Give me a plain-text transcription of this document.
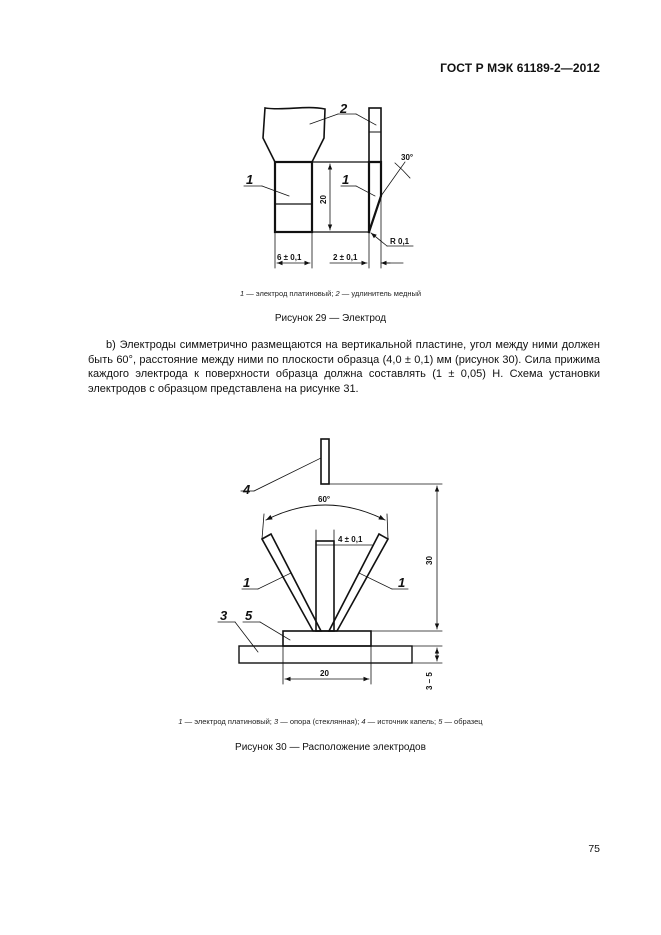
ГОСТ Р МЭК 61189-2—2012
2
1	1
20
6 ± 0,1	2 ± 0,1
R 0,1
30°
4
60°
4 ± 0,1
1	1
3 5
20
30
3 – 5
1 — электрод платиновый; 2 — удлинитель медный
Рисунок 29 — Электрод
b) Электроды симметрично размещаются на вертикальной пластине, угол между ними должен быть 60°, расстояние между ними по плоскости образца (4,0 ± 0,1) мм (рисунок 30). Сила прижима каждого электрода к поверхности образца должна составлять (1 ± 0,05) Н. Схема установки электродов с образцом представлена на рисунке 31.
1 — электрод платиновый; 3 — опора (стеклянная); 4 — источник капель; 5 — образец
Рисунок 30 — Расположение электродов
75
